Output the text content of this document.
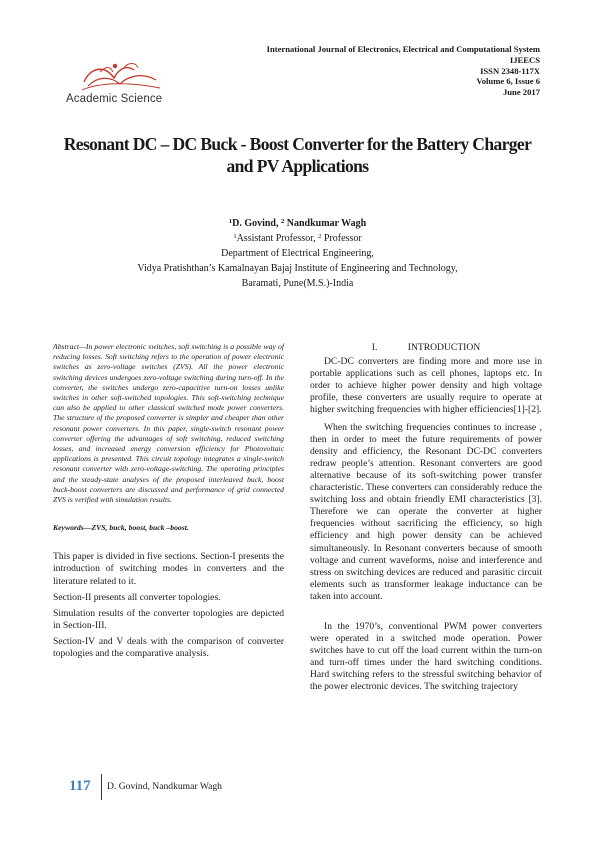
Academic Science
International Journal of Electronics, Electrical and Computational System
IJEECS
ISSN 2348-117X
Volume 6, Issue 6
June 2017
Resonant DC – DC Buck - Boost Converter for the Battery Charger
and PV Applications
$^1$D. Govind, $^2$ Nandkumar Wagh
$^1$Assistant Professor, $^2$ Professor
Department of Electrical Engineering,
Vidya Pratishthan’s Kamalnayan Bajaj Institute of Engineering and Technology,
Baramati, Pune(M.S.)-India

Abstract—In power electronic switches, soft switching is a possible way of reducing losses. Soft switching refers to the operation of power electronic switches as zero-voltage switches (ZVS). All the power electronic switching devices undergoes zero-voltage switching during turn-off. In the converter, the switches undergo zero-capacitive turn-on losses unlike switches in other soft-switched topologies. This soft-switching technique can also be applied to other classical switched mode power converters. The structure of the proposed converter is simpler and cheaper than other resonant power converters. In this paper, single-switch resonant power converter offering the advantages of soft switching, reduced switching losses, and increased energy conversion efficiency for Photovoltaic applications is presented. This circuit topology integrates a single-switch resonant converter with zero-voltage-switching. The operating principles and the steady-state analyses of the proposed interleaved buck, boost buck-boost converters are discussed and performance of grid connected ZVS is verified with simulation results.

Keywords—ZVS, buck, boost, buck –boost.

This paper is divided in five sections. Section-I presents the introduction of switching modes in converters and the literature related to it.

Section-II presents all converter topologies.

Simulation results of the converter topologies are depicted in Section-III.

Section-IV and V deals with the comparison of converter topologies and the comparative analysis.

I.	INTRODUCTION

DC-DC converters are finding more and more use in portable applications such as cell phones, laptops etc. In order to achieve higher power density and high voltage profile, these converters are usually require to operate at higher switching frequencies with higher efficiencies[1]-[2].

When the switching frequencies continues to increase , then in order to meet the future requirements of power density and efficiency, the Resonant DC-DC converters redraw people’s attention. Resonant converters are good alternative because of its soft-switching power transfer characteristic. These converters can considerably reduce the switching loss and obtain friendly EMI characteristics [3]. Therefore we can operate the converter at higher frequencies without sacrificing the efficiency, so high efficiency and high power density can be achieved simultaneously. In Resonant converters because of smooth voltage and current waveforms, noise and interference and stress on switching devices are reduced and parasitic circuit elements such as transformer leakage inductance can be taken into account.

In the 1970’s, conventional PWM power converters were operated in a switched mode operation. Power switches have to cut off the load current within the turn-on and turn-off times under the hard switching conditions. Hard switching refers to the stressful switching behavior of the power electronic devices. The switching trajectory

117 D. Govind, Nandkumar Wagh
